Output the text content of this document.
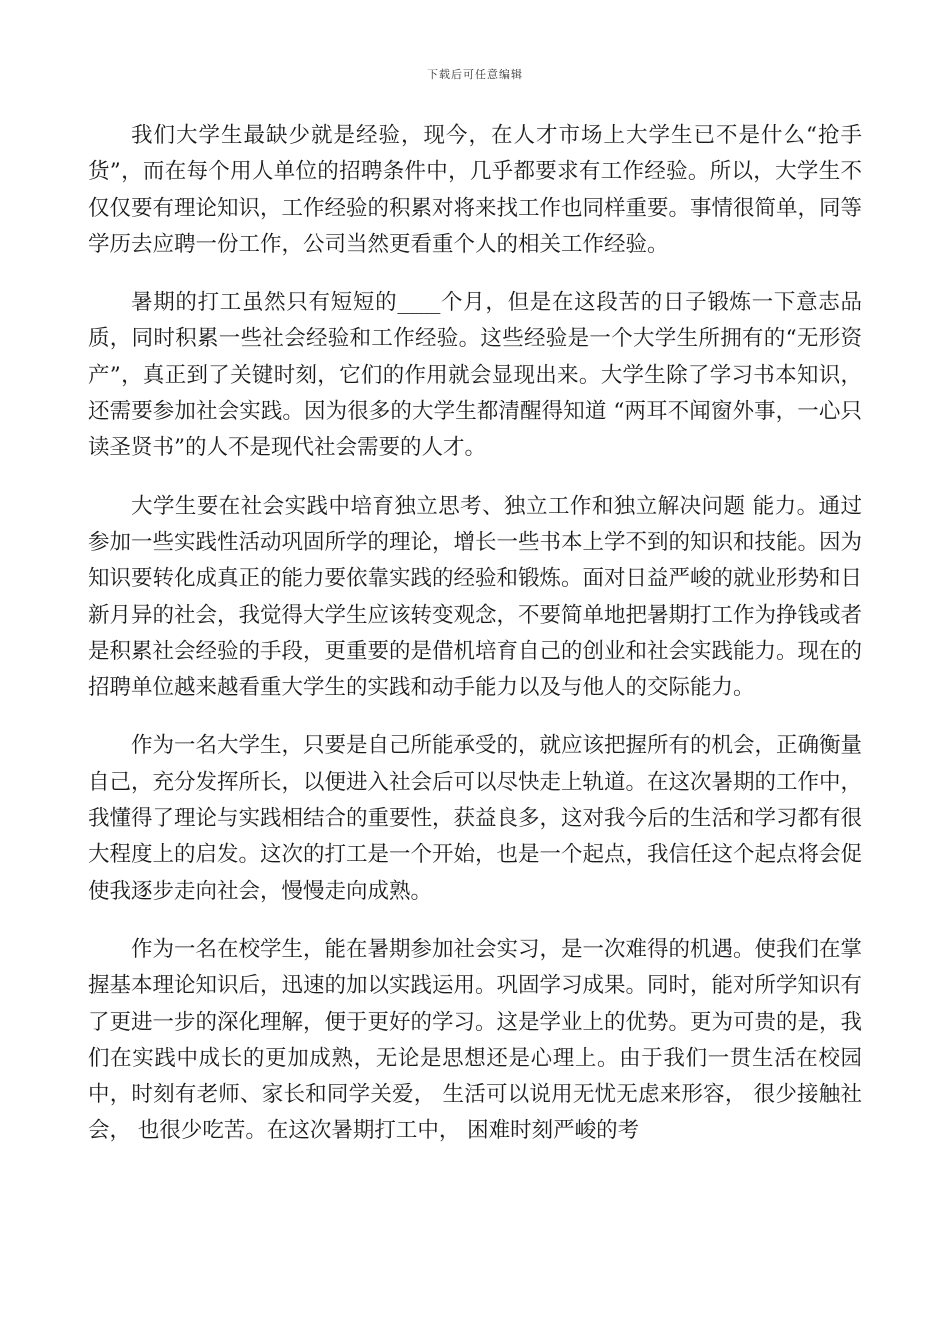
下载后可任意编辑

我们大学生最缺少就是经验，现今，在人才市场上大学生已不是什么“抢手货”，而在每个用人单位的招聘条件中，几乎都要求有工作经验。所以，大学生不仅仅要有理论知识，工作经验的积累对将来找工作也同样重要。事情很简单，同等学历去应聘一份工作，公司当然更看重个人的相关工作经验。

暑期的打工虽然只有短短的____个月，但是在这段苦的日子锻炼一下意志品质，同时积累一些社会经验和工作经验。这些经验是一个大学生所拥有的“无形资产”，真正到了关键时刻，它们的作用就会显现出来。大学生除了学习书本知识，还需要参加社会实践。因为很多的大学生都清醒得知道 “两耳不闻窗外事，一心只读圣贤书”的人不是现代社会需要的人才。

大学生要在社会实践中培育独立思考、独立工作和独立解决问题 能力。通过参加一些实践性活动巩固所学的理论，增长一些书本上学不到的知识和技能。因为知识要转化成真正的能力要依靠实践的经验和锻炼。面对日益严峻的就业形势和日新月异的社会，我觉得大学生应该转变观念，不要简单地把暑期打工作为挣钱或者是积累社会经验的手段，更重要的是借机培育自己的创业和社会实践能力。现在的招聘单位越来越看重大学生的实践和动手能力以及与他人的交际能力。

作为一名大学生，只要是自己所能承受的，就应该把握所有的机会，正确衡量自己，充分发挥所长，以便进入社会后可以尽快走上轨道。在这次暑期的工作中，我懂得了理论与实践相结合的重要性，获益良多，这对我今后的生活和学习都有很大程度上的启发。这次的打工是一个开始，也是一个起点，我信任这个起点将会促使我逐步走向社会，慢慢走向成熟。

作为一名在校学生，能在暑期参加社会实习，是一次难得的机遇。使我们在掌握基本理论知识后，迅速的加以实践运用。巩固学习成果。同时，能对所学知识有了更进一步的深化理解，便于更好的学习。这是学业上的优势。更为可贵的是，我们在实践中成长的更加成熟，无论是思想还是心理上。由于我们一贯生活在校园中，时刻有老师、家长和同学关爱， 生活可以说用无忧无虑来形容， 很少接触社会， 也很少吃苦。在这次暑期打工中， 困难时刻严峻的考
